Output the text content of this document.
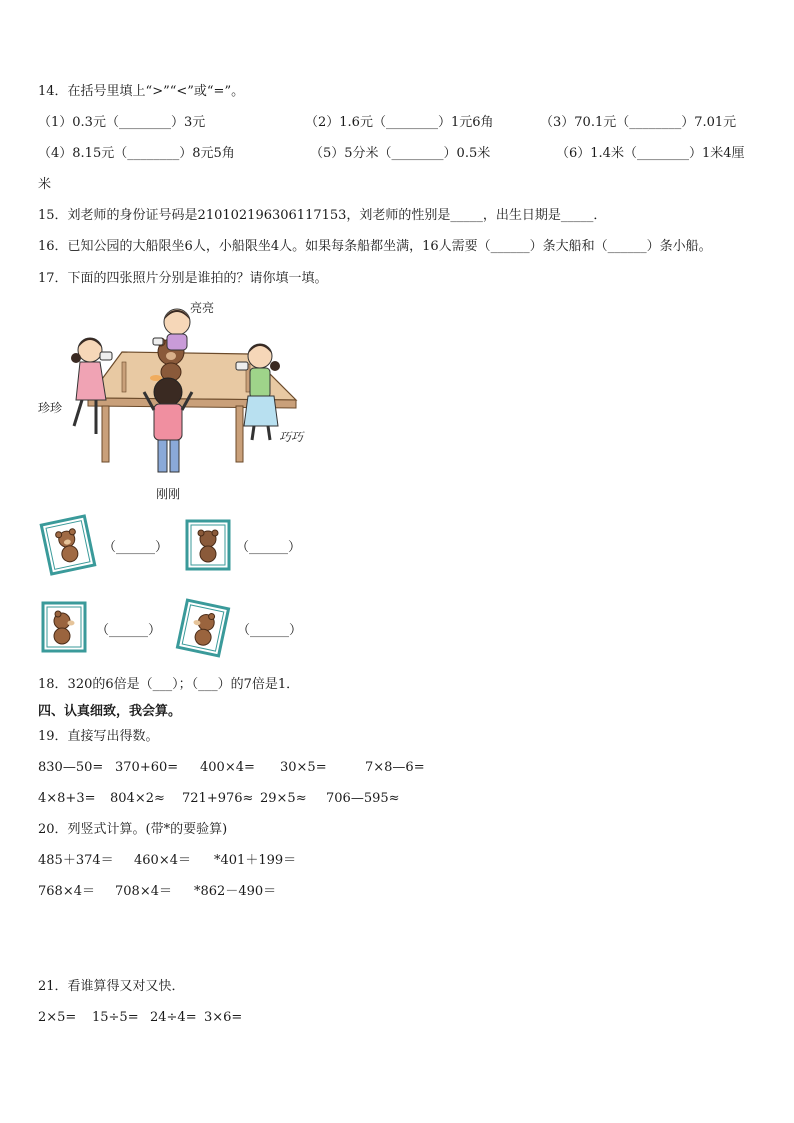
14．在括号里填上“>”“<”或“=”。
（1）0.3元（________）3元	（2）1.6元（________）1元6角	（3）70.1元（________）7.01元
（4）8.15元（________）8元5角	（5）5分米（________）0.5米	（6）1.4米（________）1米4厘
米
15．刘老师的身份证号码是210102196306117153，刘老师的性别是_____，出生日期是_____．
16．已知公园的大船限坐6人，小船限坐4人。如果每条船都坐满，16人需要（______）条大船和（______）条小船。
17．下面的四张照片分别是谁拍的？请你填一填。
亮亮
珍珍
巧巧
刚刚
（______）	（______）
（______）	（______）
18．320的6倍是（___）；（___）的7倍是1．
四、认真细致，我会算。
19．直接写出得数。
830—50= 370+60= 400×4= 30×5=	7×8—6=
4×8+3= 804×2≈ 721+976≈ 29×5≈ 706—595≈
20．列竖式计算。(带*的要验算)
485＋374＝ 460×4＝ *401＋199＝
768×4＝ 708×4＝ *862－490＝
21．看谁算得又对又快．
2×5= 15÷5= 24÷4= 3×6=
